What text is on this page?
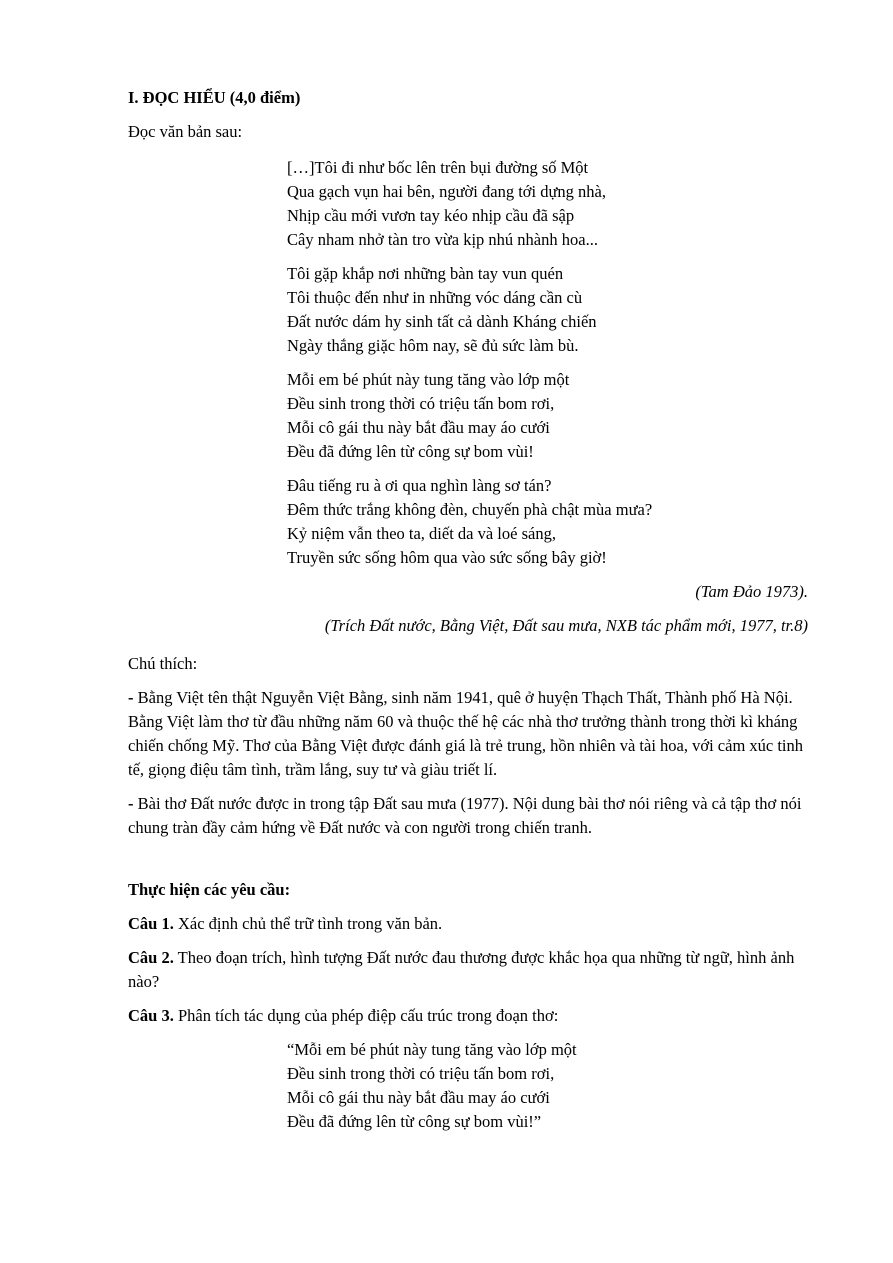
I. ĐỌC HIỂU (4,0 điểm)

Đọc văn bản sau:

[…]Tôi đi như bốc lên trên bụi đường số Một
Qua gạch vụn hai bên, người đang tới dựng nhà,
Nhịp cầu mới vươn tay kéo nhịp cầu đã sập
Cây nham nhở tàn tro vừa kịp nhú nhành hoa...
Tôi gặp khắp nơi những bàn tay vun quén
Tôi thuộc đến như in những vóc dáng cần cù
Đất nước dám hy sinh tất cả dành Kháng chiến
Ngày thắng giặc hôm nay, sẽ đủ sức làm bù.
Mỗi em bé phút này tung tăng vào lớp một
Đều sinh trong thời có triệu tấn bom rơi,
Mỗi cô gái thu này bắt đầu may áo cưới
Đều đã đứng lên từ công sự bom vùi!
Đâu tiếng ru à ơi qua nghìn làng sơ tán?
Đêm thức trắng không đèn, chuyến phà chật mùa mưa?
Kỷ niệm vẫn theo ta, diết da và loé sáng,
Truyền sức sống hôm qua vào sức sống bây giờ!

(Tam Đảo 1973).

(Trích Đất nước, Bằng Việt, Đất sau mưa, NXB tác phẩm mới, 1977, tr.8)

Chú thích:

- Bằng Việt tên thật Nguyễn Việt Bằng, sinh năm 1941, quê ở huyện Thạch Thất, Thành phố Hà Nội. Bằng Việt làm thơ từ đầu những năm 60 và thuộc thế hệ các nhà thơ trưởng thành trong thời kì kháng chiến chống Mỹ. Thơ của Bằng Việt được đánh giá là trẻ trung, hồn nhiên và tài hoa, với cảm xúc tinh tế, giọng điệu tâm tình, trầm lắng, suy tư và giàu triết lí.

- Bài thơ Đất nước được in trong tập Đất sau mưa (1977). Nội dung bài thơ nói riêng và cả tập thơ nói chung tràn đầy cảm hứng về Đất nước và con người trong chiến tranh.

Thực hiện các yêu cầu:

Câu 1. Xác định chủ thể trữ tình trong văn bản.

Câu 2. Theo đoạn trích, hình tượng Đất nước đau thương được khắc họa qua những từ ngữ, hình ảnh nào?

Câu 3. Phân tích tác dụng của phép điệp cấu trúc trong đoạn thơ:

“Mỗi em bé phút này tung tăng vào lớp một
Đều sinh trong thời có triệu tấn bom rơi,
Mỗi cô gái thu này bắt đầu may áo cưới
Đều đã đứng lên từ công sự bom vùi!”
